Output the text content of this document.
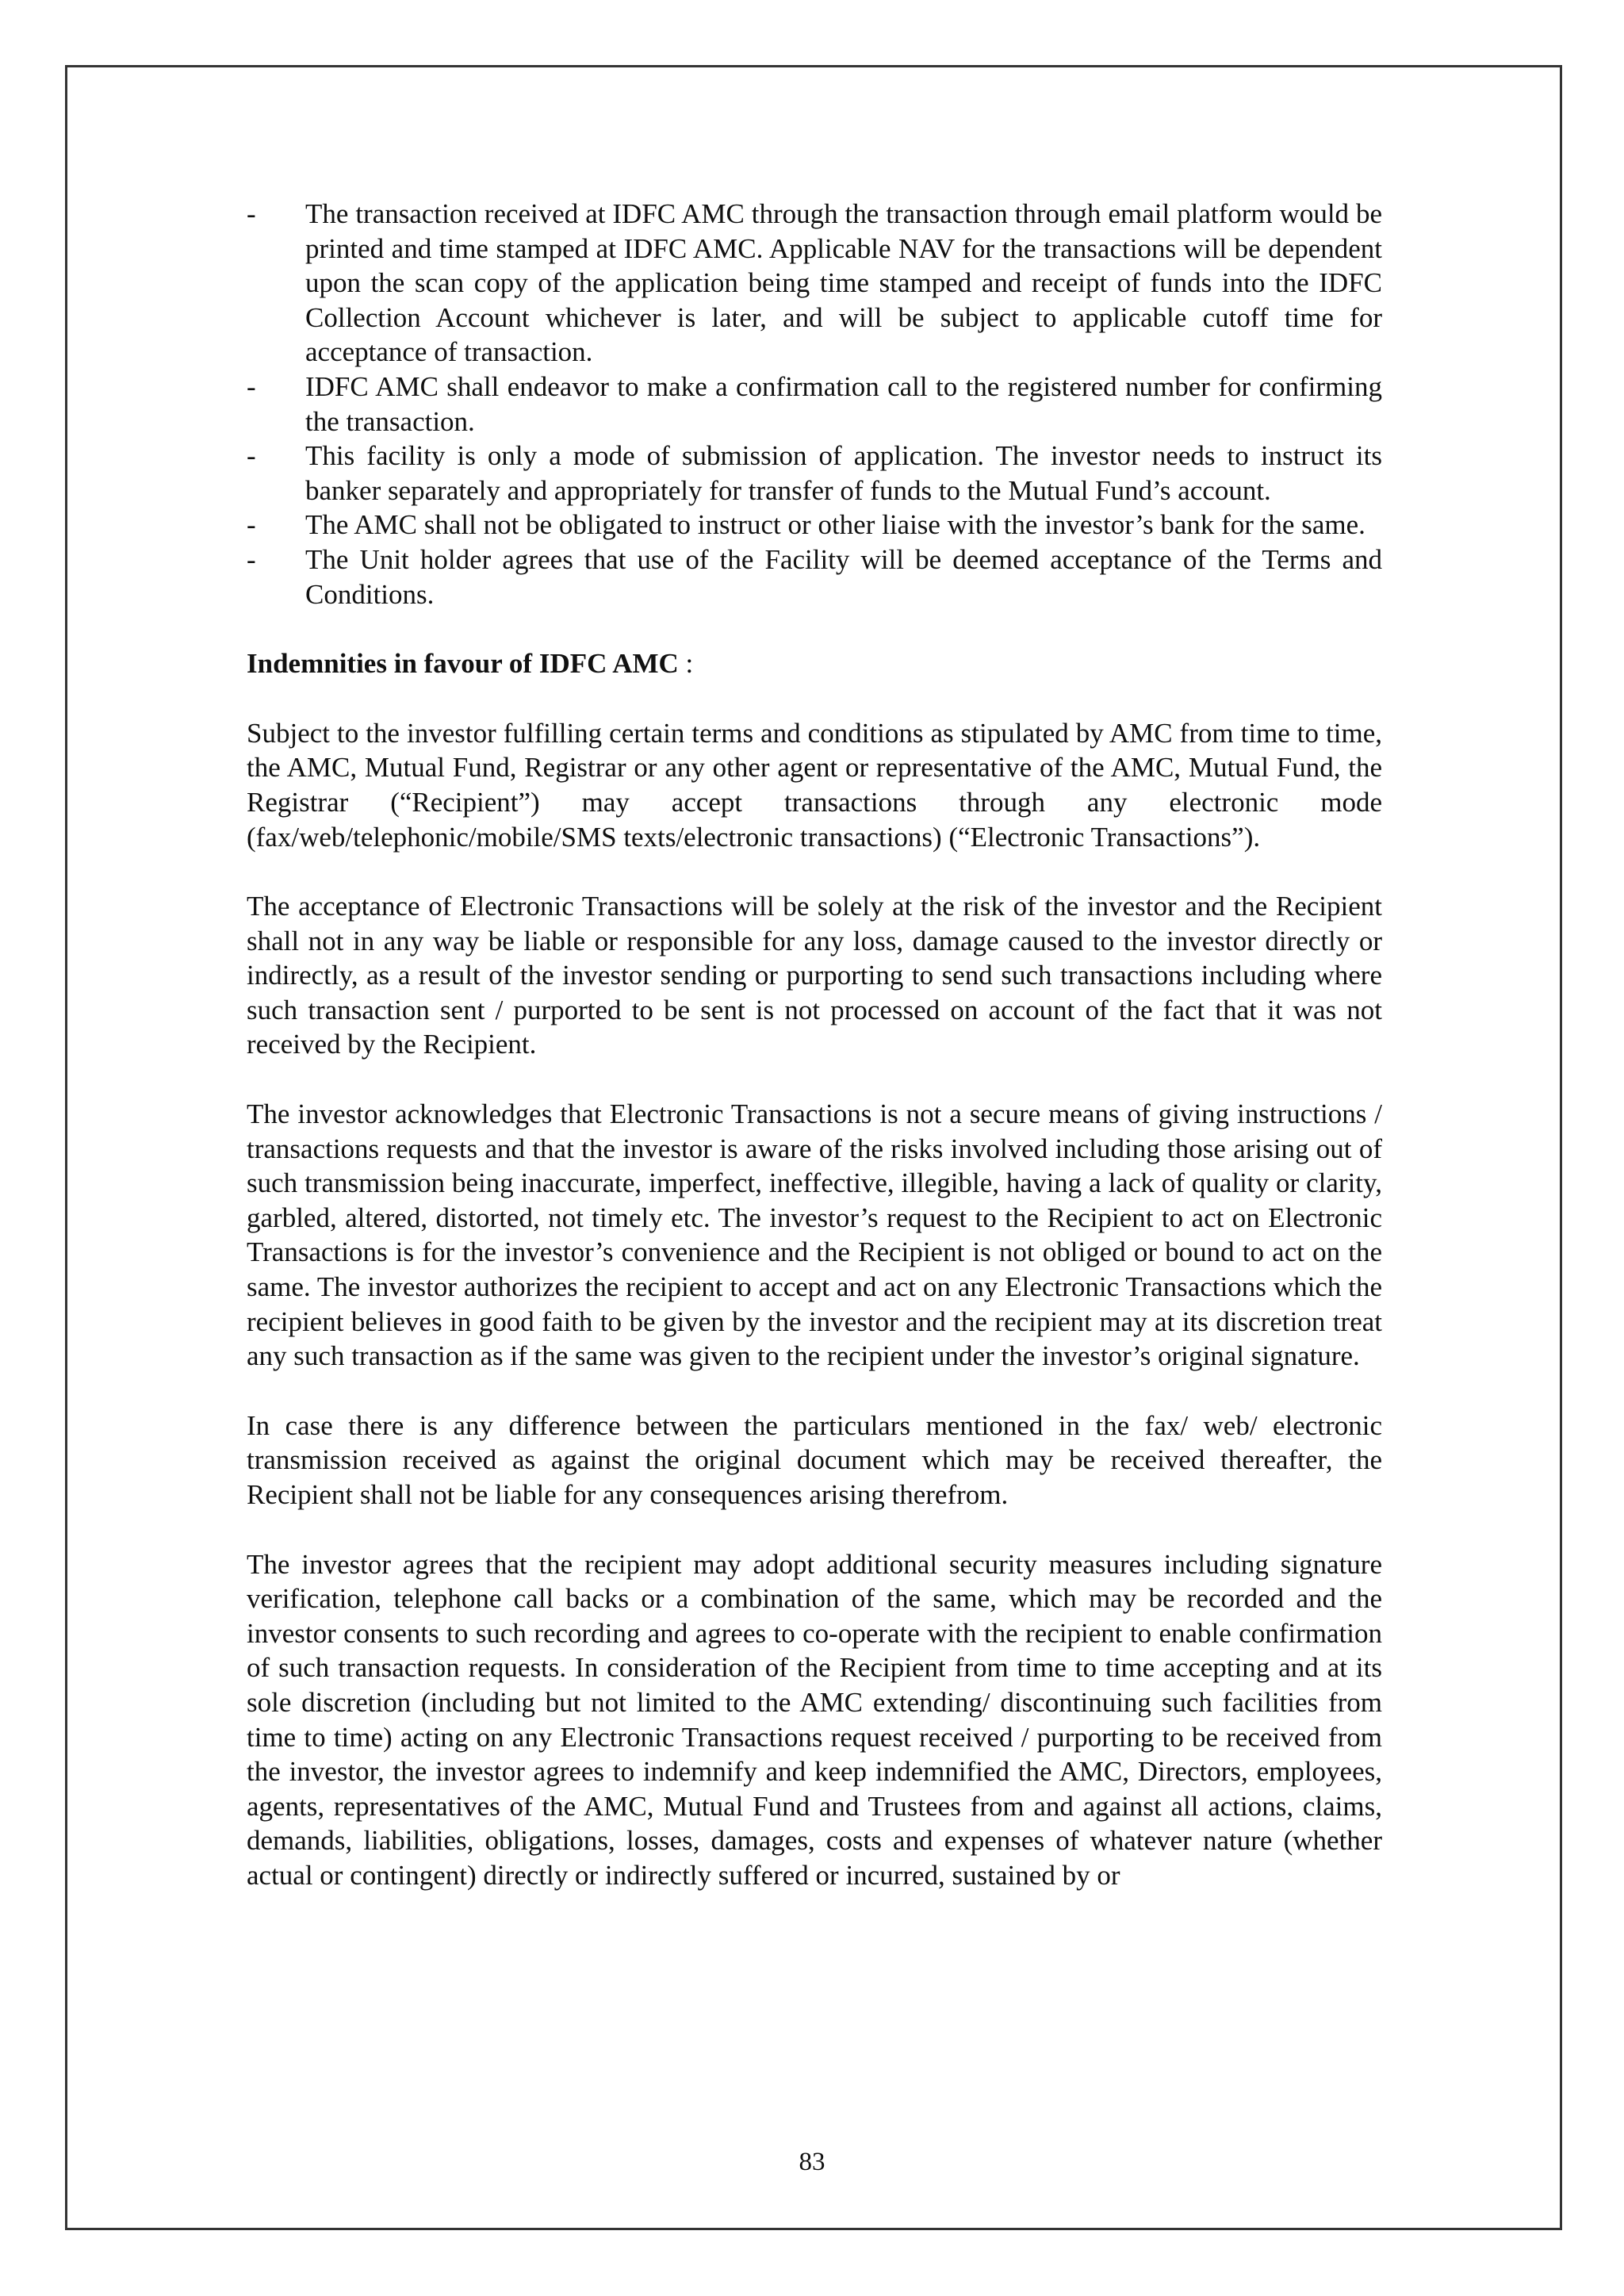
- The transaction received at IDFC AMC through the transaction through email platform would be printed and time stamped at IDFC AMC. Applicable NAV for the transactions will be dependent upon the scan copy of the application being time stamped and receipt of funds into the IDFC Collection Account whichever is later, and will be subject to applicable cutoff time for acceptance of transaction.
- IDFC AMC shall endeavor to make a confirmation call to the registered number for confirming the transaction.
- This facility is only a mode of submission of application. The investor needs to instruct its banker separately and appropriately for transfer of funds to the Mutual Fund’s account.
- The AMC shall not be obligated to instruct or other liaise with the investor’s bank for the same.
- The Unit holder agrees that use of the Facility will be deemed acceptance of the Terms and Conditions.
Indemnities in favour of IDFC AMC :

Subject to the investor fulfilling certain terms and conditions as stipulated by AMC from time to time, the AMC, Mutual Fund, Registrar or any other agent or representative of the AMC, Mutual Fund, the Registrar (“Recipient”) may accept transactions through any electronic mode (fax/web/telephonic/mobile/SMS texts/electronic transactions) (“Electronic Transactions”).

The acceptance of Electronic Transactions will be solely at the risk of the investor and the Recipient shall not in any way be liable or responsible for any loss, damage caused to the investor directly or indirectly, as a result of the investor sending or purporting to send such transactions including where such transaction sent / purported to be sent is not processed on account of the fact that it was not received by the Recipient.

The investor acknowledges that Electronic Transactions is not a secure means of giving instructions / transactions requests and that the investor is aware of the risks involved including those arising out of such transmission being inaccurate, imperfect, ineffective, illegible, having a lack of quality or clarity, garbled, altered, distorted, not timely etc. The investor’s request to the Recipient to act on Electronic Transactions is for the investor’s convenience and the Recipient is not obliged or bound to act on the same. The investor authorizes the recipient to accept and act on any Electronic Transactions which the recipient believes in good faith to be given by the investor and the recipient may at its discretion treat any such transaction as if the same was given to the recipient under the investor’s original signature.

In case there is any difference between the particulars mentioned in the fax/ web/ electronic transmission received as against the original document which may be received thereafter, the Recipient shall not be liable for any consequences arising therefrom.

The investor agrees that the recipient may adopt additional security measures including signature verification, telephone call backs or a combination of the same, which may be recorded and the investor consents to such recording and agrees to co-operate with the recipient to enable confirmation of such transaction requests. In consideration of the Recipient from time to time accepting and at its sole discretion (including but not limited to the AMC extending/ discontinuing such facilities from time to time) acting on any Electronic Transactions request received / purporting to be received from the investor, the investor agrees to indemnify and keep indemnified the AMC, Directors, employees, agents, representatives of the AMC, Mutual Fund and Trustees from and against all actions, claims, demands, liabilities, obligations, losses, damages, costs and expenses of whatever nature (whether actual or contingent) directly or indirectly suffered or incurred, sustained by or

83
